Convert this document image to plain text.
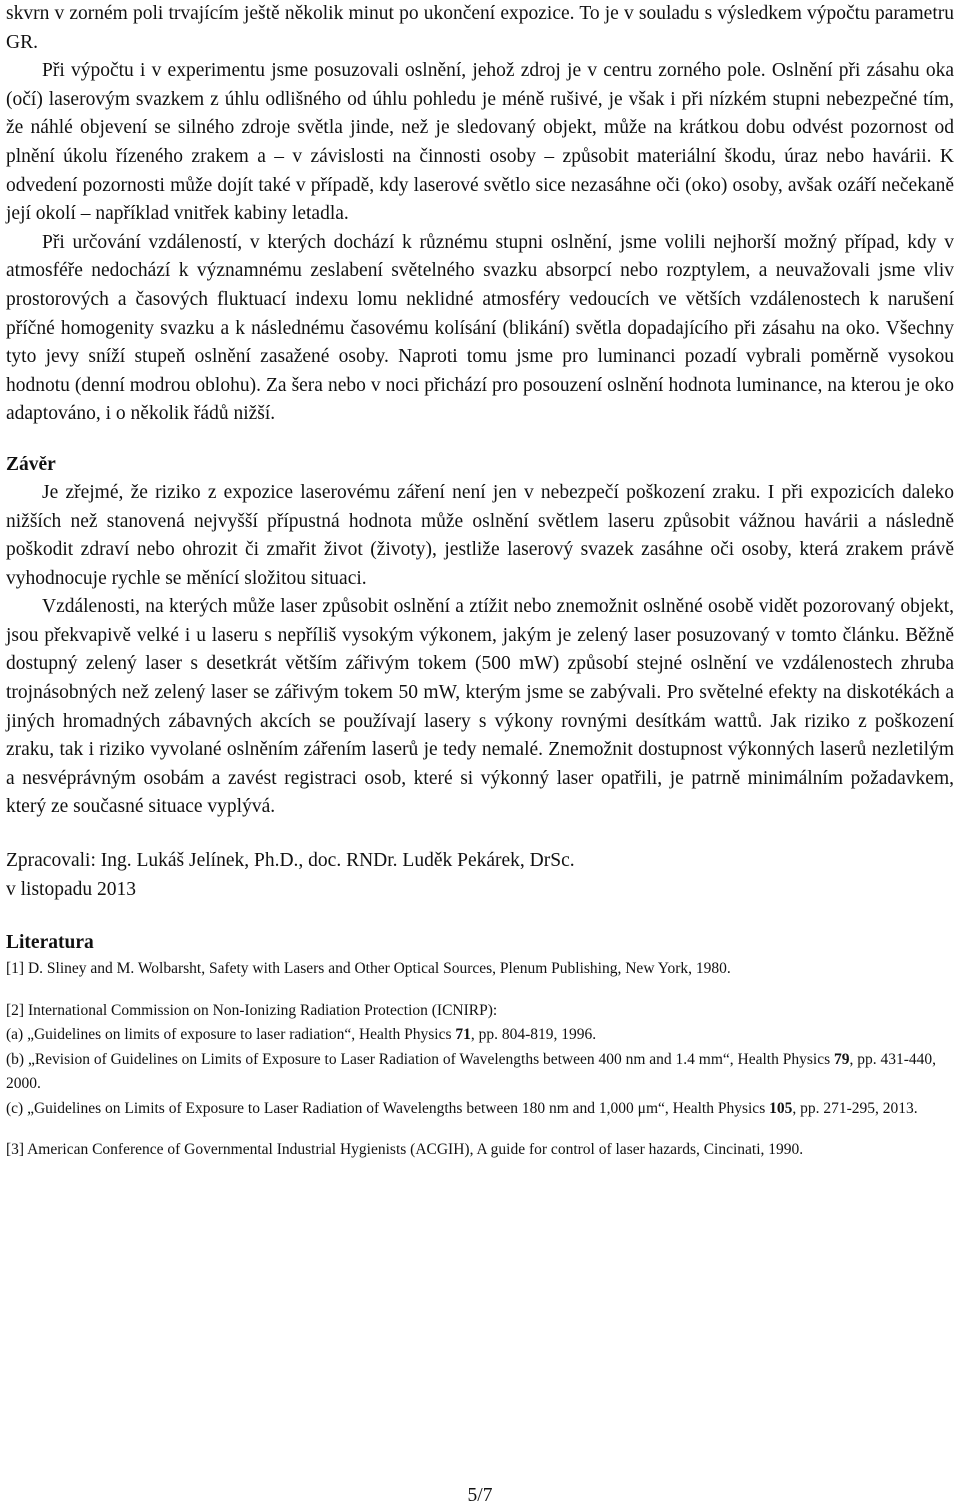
skvrn v zorném poli trvajícím ještě několik minut po ukončení expozice. To je v souladu s výsledkem výpočtu parametru GR.

Při výpočtu i v experimentu jsme posuzovali oslnění, jehož zdroj je v centru zorného pole. Oslnění při zásahu oka (očí) laserovým svazkem z úhlu odlišného od úhlu pohledu je méně rušivé, je však i při nízkém stupni nebezpečné tím, že náhlé objevení se silného zdroje světla jinde, než je sledovaný objekt, může na krátkou dobu odvést pozornost od plnění úkolu řízeného zrakem a – v závislosti na činnosti osoby – způsobit materiální škodu, úraz nebo havárii. K odvedení pozornosti může dojít také v případě, kdy laserové světlo sice nezasáhne oči (oko) osoby, avšak ozáří nečekaně její okolí – například vnitřek kabiny letadla.

Při určování vzdáleností, v kterých dochází k různému stupni oslnění, jsme volili nejhorší možný případ, kdy v atmosféře nedochází k významnému zeslabení světelného svazku absorpcí nebo rozptylem, a neuvažovali jsme vliv prostorových a časových fluktuací indexu lomu neklidné atmosféry vedoucích ve větších vzdálenostech k narušení příčné homogenity svazku a k následnému časovému kolísání (blikání) světla dopadajícího při zásahu na oko. Všechny tyto jevy sníží stupeň oslnění zasažené osoby. Naproti tomu jsme pro luminanci pozadí vybrali poměrně vysokou hodnotu (denní modrou oblohu). Za šera nebo v noci přichází pro posouzení oslnění hodnota luminance, na kterou je oko adaptováno, i o několik řádů nižší.

Závěr

Je zřejmé, že riziko z expozice laserovému záření není jen v nebezpečí poškození zraku. I při expozicích daleko nižších než stanovená nejvyšší přípustná hodnota může oslnění světlem laseru způsobit vážnou havárii a následně poškodit zdraví nebo ohrozit či zmařit život (životy), jestliže laserový svazek zasáhne oči osoby, která zrakem právě vyhodnocuje rychle se měnící složitou situaci.

Vzdálenosti, na kterých může laser způsobit oslnění a ztížit nebo znemožnit oslněné osobě vidět pozorovaný objekt, jsou překvapivě velké i u laseru s nepříliš vysokým výkonem, jakým je zelený laser posuzovaný v tomto článku. Běžně dostupný zelený laser s desetkrát větším zářivým tokem (500 mW) způsobí stejné oslnění ve vzdálenostech zhruba trojnásobných než zelený laser se zářivým tokem 50 mW, kterým jsme se zabývali. Pro světelné efekty na diskotékách a jiných hromadných zábavných akcích se používají lasery s výkony rovnými desítkám wattů. Jak riziko z poškození zraku, tak i riziko vyvolané oslněním zářením laserů je tedy nemalé. Znemožnit dostupnost výkonných laserů nezletilým a nesvéprávným osobám a zavést registraci osob, které si výkonný laser opatřili, je patrně minimálním požadavkem, který ze současné situace vyplývá.

Zpracovali: Ing. Lukáš Jelínek, Ph.D., doc. RNDr. Luděk Pekárek, DrSc.

v listopadu 2013

Literatura

[1] D. Sliney and M. Wolbarsht, Safety with Lasers and Other Optical Sources, Plenum Publishing, New York, 1980.

[2] International Commission on Non-Ionizing Radiation Protection (ICNIRP):

(a) „Guidelines on limits of exposure to laser radiation“, Health Physics 71, pp. 804-819, 1996.

(b) „Revision of Guidelines on Limits of Exposure to Laser Radiation of Wavelengths between 400 nm and 1.4 mm“, Health Physics 79, pp. 431-440, 2000.

(c) „Guidelines on Limits of Exposure to Laser Radiation of Wavelengths between 180 nm and 1,000 μm“, Health Physics 105, pp. 271-295, 2013.

[3] American Conference of Governmental Industrial Hygienists (ACGIH), A guide for control of laser hazards, Cincinati, 1990.

5/7
